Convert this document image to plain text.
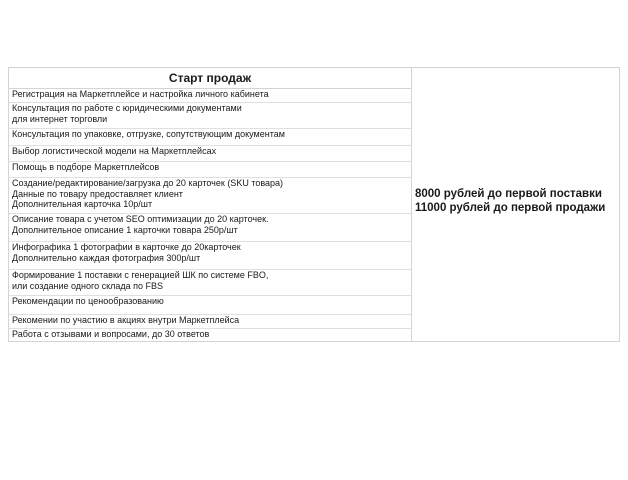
Старт продаж
Регистрация на Маркетплейсе и настройка личного кабинета
Консультация по работе с юридическими документами
для интернет торговли
Консультация по упаковке, отгрузке, сопутствующим документам
Выбор логистической модели на Маркетплейсах
Помощь в подборе Маркетплейсов
Создание/редактирование/загрузка до 20 карточек (SKU товара)
Данные по товару предоставляет клиент
Дополнительная карточка 10р/шт
Описание товара с учетом SEO оптимизации до 20 карточек.
Дополнительное описание 1 карточки товара 250р/шт
Инфографика 1 фотографии в карточке до 20карточек
Дополнительно каждая фотография 300р/шт
Формирование 1 поставки с генерацией ШК по системе FBO,
или создание одного склада по FBS
Рекомендации по ценообразованию
Рекомении по участию в акциях внутри Маркетплейса
Работа с отзывами и вопросами, до 30 ответов
8000 рублей до первой поставки
11000 рублей до первой продажи
